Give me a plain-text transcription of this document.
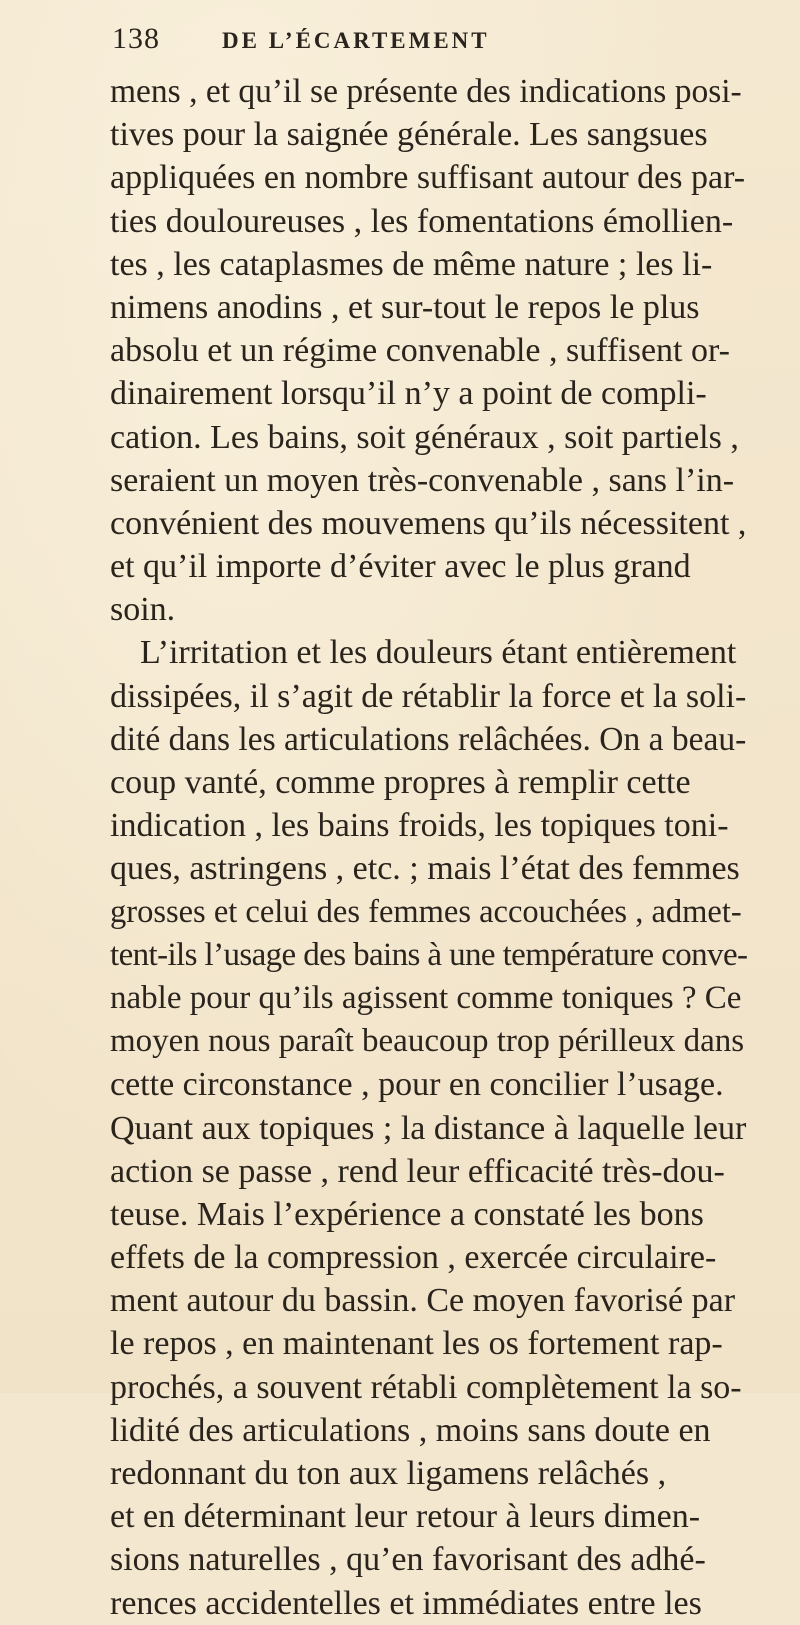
138	DE L’ÉCARTEMENT
mens , et qu’il se présente des indications posi-
tives pour la saignée générale. Les sangsues
appliquées en nombre suffisant autour des par-
ties douloureuses , les fomentations émollien-
tes , les cataplasmes de même nature ; les li-
nimens anodins , et sur-tout le repos le plus
absolu et un régime convenable , suffisent or-
dinairement lorsqu’il n’y a point de compli-
cation. Les bains, soit généraux , soit partiels ,
seraient un moyen très-convenable , sans l’in-
convénient des mouvemens qu’ils nécessitent ,
et qu’il importe d’éviter avec le plus grand
soin.
L’irritation et les douleurs étant entièrement
dissipées, il s’agit de rétablir la force et la soli-
dité dans les articulations relâchées. On a beau-
coup vanté, comme propres à remplir cette
indication , les bains froids, les topiques toni-
ques, astringens , etc. ; mais l’état des femmes
grosses et celui des femmes accouchées , admet-
tent-ils l’usage des bains à une température conve-
nable pour qu’ils agissent comme toniques ? Ce
moyen nous paraît beaucoup trop périlleux dans
cette circonstance , pour en concilier l’usage.
Quant aux topiques ; la distance à laquelle leur
action se passe , rend leur efficacité très-dou-
teuse. Mais l’expérience a constaté les bons
effets de la compression , exercée circulaire-
ment autour du bassin. Ce moyen favorisé par
le repos , en maintenant les os fortement rap-
prochés, a souvent rétabli complètement la so-
lidité des articulations , moins sans doute en
redonnant du ton aux ligamens relâchés ,
et en déterminant leur retour à leurs dimen-
sions naturelles , qu’en favorisant des adhé-
rences accidentelles et immédiates entre les
